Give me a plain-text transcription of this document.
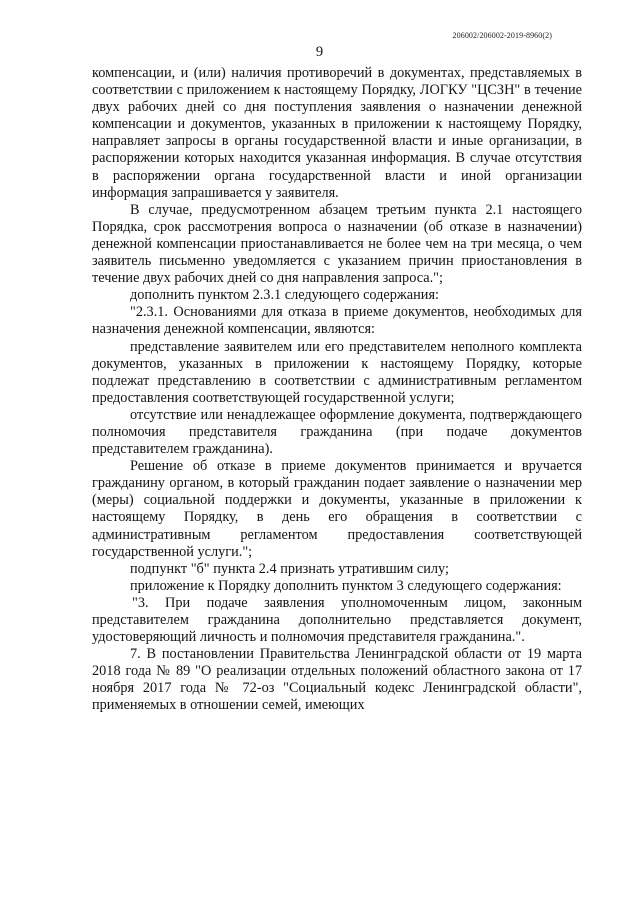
206002/206002-2019-8960(2)
9

компенсации, и (или) наличия противоречий в документах, представляемых в соответствии с приложением к настоящему Порядку, ЛОГКУ "ЦСЗН" в течение двух рабочих дней со дня поступления заявления о назначении денежной компенсации и документов, указанных в приложении к настоящему Порядку, направляет запросы в органы государственной власти и иные организации, в распоряжении которых находится указанная информация. В случае отсутствия в распоряжении органа государственной власти и иной организации информация запрашивается у заявителя.

В случае, предусмотренном абзацем третьим пункта 2.1 настоящего Порядка, срок рассмотрения вопроса о назначении (об отказе в назначении) денежной компенсации приостанавливается не более чем на три месяца, о чем заявитель письменно уведомляется с указанием причин приостановления в течение двух рабочих дней со дня направления запроса.";

дополнить пунктом 2.3.1 следующего содержания:

"2.3.1. Основаниями для отказа в приеме документов, необходимых для назначения денежной компенсации, являются:

представление заявителем или его представителем неполного комплекта документов, указанных в приложении к настоящему Порядку, которые подлежат представлению в соответствии с административным регламентом предоставления соответствующей государственной услуги;

отсутствие или ненадлежащее оформление документа, подтверждающего полномочия представителя гражданина (при подаче документов представителем гражданина).

Решение об отказе в приеме документов принимается и вручается гражданину органом, в который гражданин подает заявление о назначении мер (меры) социальной поддержки и документы, указанные в приложении к настоящему Порядку, в день его обращения в соответствии с административным регламентом предоставления соответствующей государственной услуги.";

подпункт "б" пункта 2.4 признать утратившим силу;

приложение к Порядку дополнить пунктом 3 следующего содержания:

"3. При подаче заявления уполномоченным лицом, законным представителем гражданина дополнительно представляется документ, удостоверяющий личность и полномочия представителя гражданина.".

7. В постановлении Правительства Ленинградской области от 19 марта 2018 года № 89 "О реализации отдельных положений областного закона от 17 ноября 2017 года № 72-оз "Социальный кодекс Ленинградской области", применяемых в отношении семей, имеющих
